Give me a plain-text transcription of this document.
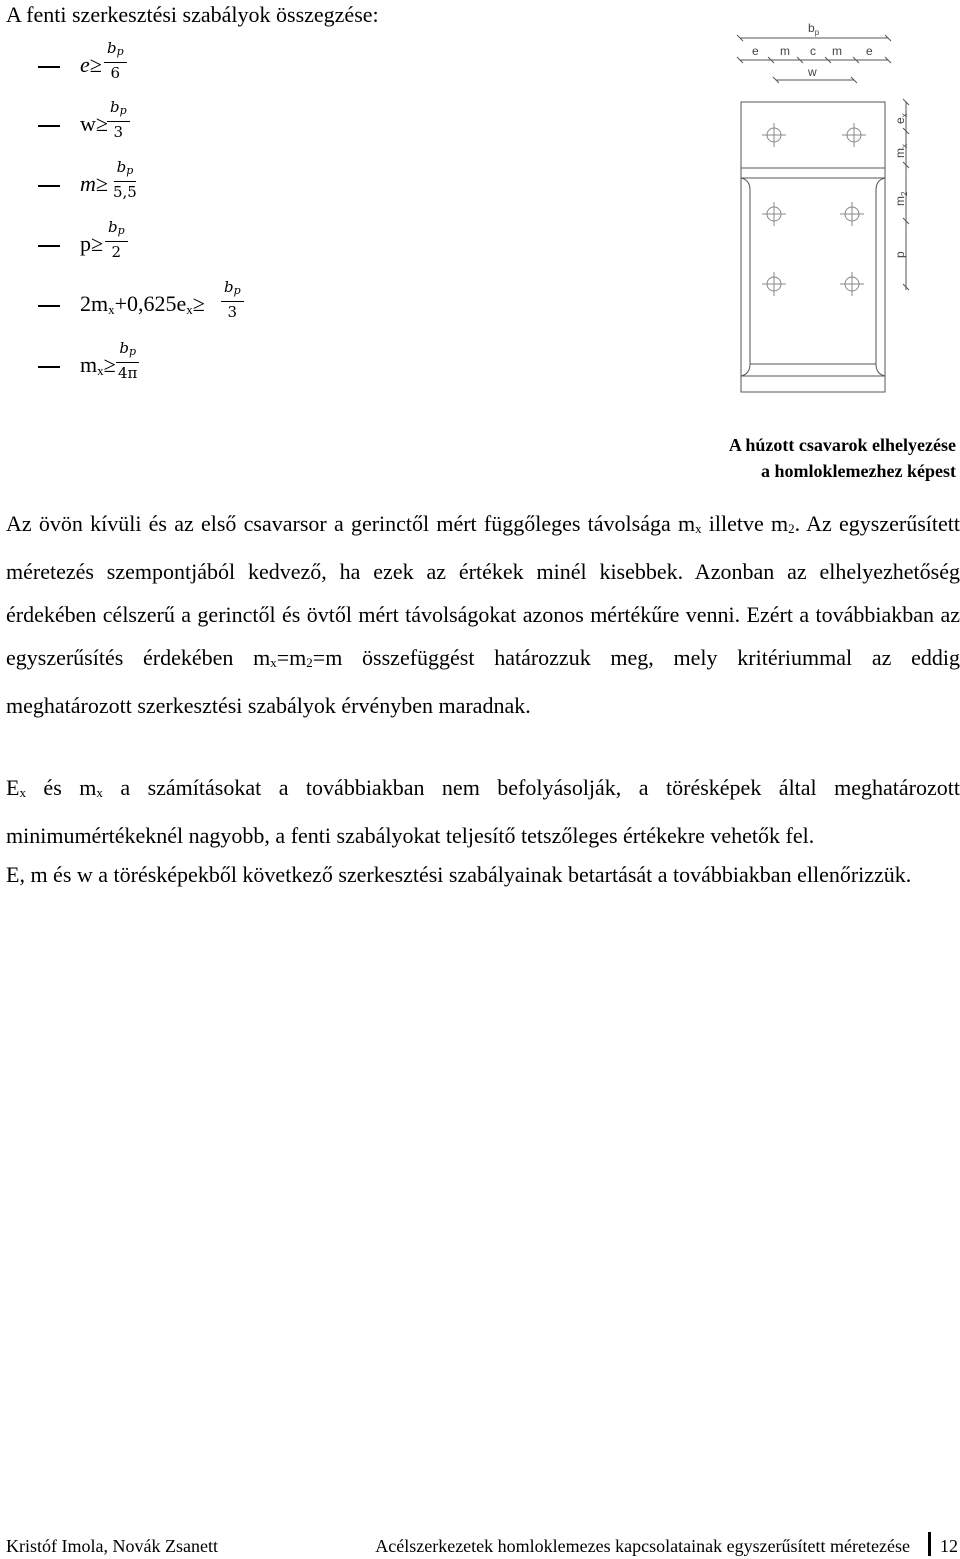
A fenti szerkesztési szabályok összegzése:
$e\ge \frac{b_p}{6}$
$w\ge \frac{b_p}{3}$
$m\ge \frac{b_p}{5,5}$
$p\ge \frac{b_p}{2}$
$2m_x+0,625e_x\ge \frac{b_p}{3}$
$m_x\ge \frac{b_p}{4\pi}$
$b_p$
e m c m e
w
$e_x$
$m_x$
$m_2$
p
A húzott csavarok elhelyezése
a homloklemezhez képest

Az övön kívüli és az első csavarsor a gerinctől mért függőleges távolsága $m_x$ illetve $m_2$. Az egyszerűsített méretezés szempontjából kedvező, ha ezek az értékek minél kisebbek. Azonban az elhelyezhetőség érdekében célszerű a gerinctől és övtől mért távolságokat azonos mértékűre venni. Ezért a továbbiakban az egyszerűsítés érdekében $m_x=m_2=m$ összefüggést határozzuk meg, mely kritériummal az eddig meghatározott szerkesztési szabályok érvényben maradnak.

$E_x$ és $m_x$ a számításokat a továbbiakban nem befolyásolják, a törésképek által meghatározott minimumértékeknél nagyobb, a fenti szabályokat teljesítő tetszőleges értékekre vehetők fel.

E, m és w a törésképekből következő szerkesztési szabályainak betartását a továbbiakban ellenőrizzük.

Kristóf Imola, Novák Zsanett	Acélszerkezetek homloklemezes kapcsolatainak egyszerűsített méretezése 12
